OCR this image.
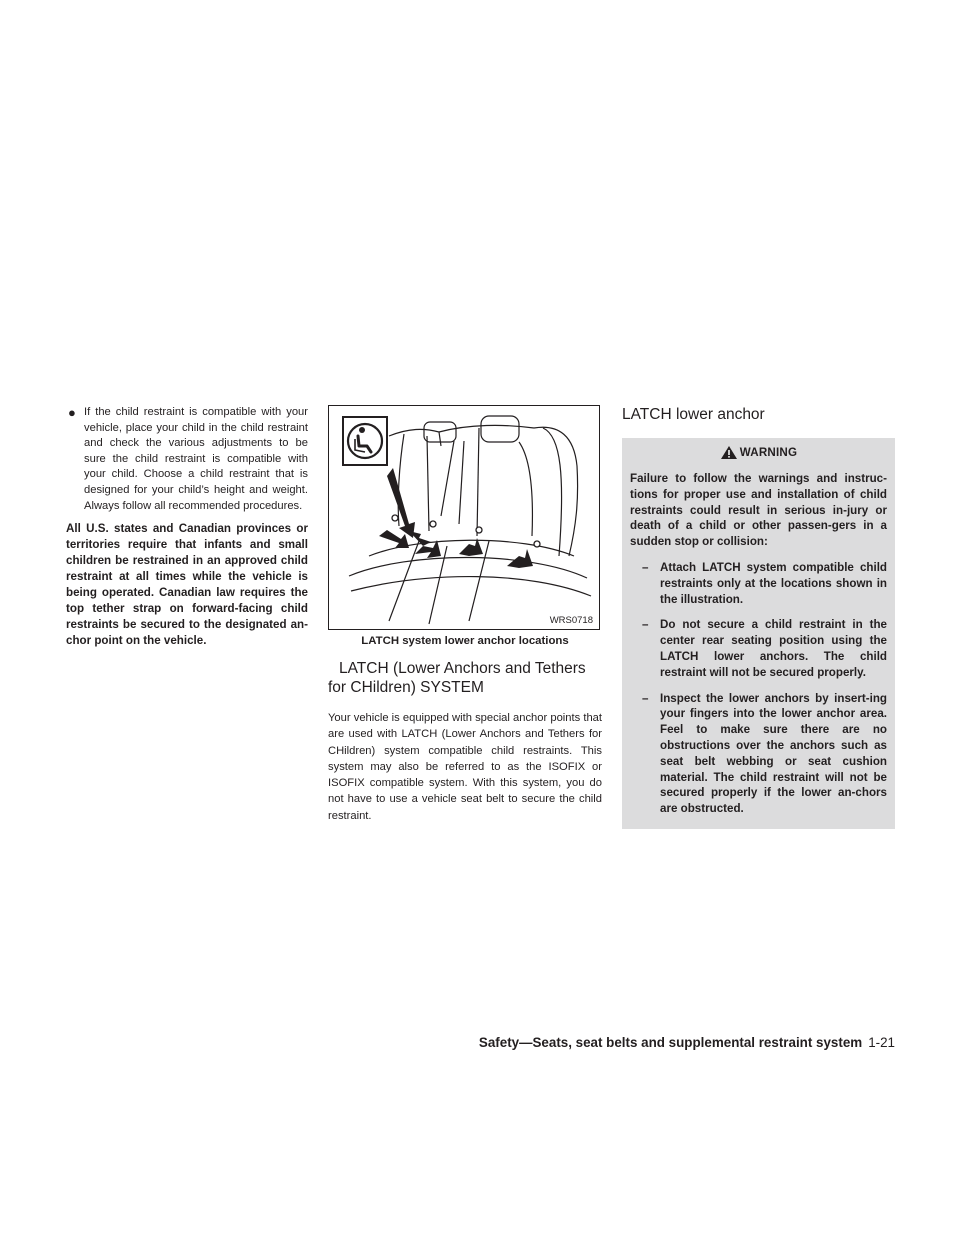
● If the child restraint is compatible with your vehicle, place your child in the child restraint and check the various adjustments to be sure the child restraint is compatible with your child. Choose a child restraint that is designed for your child’s height and weight. Always follow all recommended procedures.
All U.S. states and Canadian provinces or territories require that infants and small children be restrained in an approved child restraint at all times while the vehicle is being operated. Canadian law requires the top tether strap on forward-facing child restraints be secured to the designated an-chor point on the vehicle.
WRS0718
LATCH system lower anchor locations
LATCH (Lower Anchors and Tethers
for CHildren) SYSTEM
Your vehicle is equipped with special anchor points that are used with LATCH (Lower Anchors and Tethers for CHildren) system compatible child restraints. This system may also be referred to as the ISOFIX or ISOFIX compatible system. With this system, you do not have to use a vehicle seat belt to secure the child restraint.
LATCH lower anchor
WARNING
Failure to follow the warnings and instruc-tions for proper use and installation of child restraints could result in serious in-jury or death of a child or other passen-gers in a sudden stop or collision:
– Attach LATCH system compatible child restraints only at the locations shown in the illustration.
– Do not secure a child restraint in the center rear seating position using the LATCH lower anchors. The child restraint will not be secured properly.
– Inspect the lower anchors by insert-ing your fingers into the lower anchor area. Feel to make sure there are no obstructions over the anchors such as seat belt webbing or seat cushion material. The child restraint will not be secured properly if the lower an-chors are obstructed.
Safety—Seats, seat belts and supplemental restraint system 1-21
